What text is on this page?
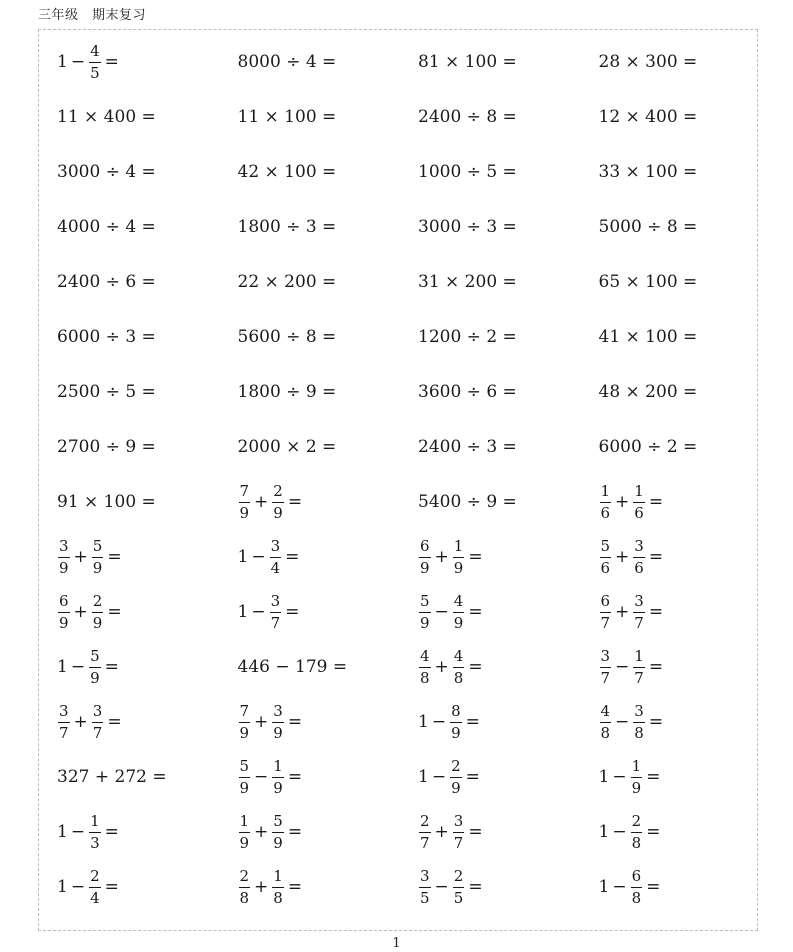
三年级　期末复习
$1 - \frac{4}{5}$ =	8000 ÷ 4 =	81 × 100 =	28 × 300 =
11 × 400 =	11 × 100 =	2400 ÷ 8 =	12 × 400 =
3000 ÷ 4 =	42 × 100 =	1000 ÷ 5 =	33 × 100 =
4000 ÷ 4 =	1800 ÷ 3 =	3000 ÷ 3 =	5000 ÷ 8 =
2400 ÷ 6 =	22 × 200 =	31 × 200 =	65 × 100 =
6000 ÷ 3 =	5600 ÷ 8 =	1200 ÷ 2 =	41 × 100 =
2500 ÷ 5 =	1800 ÷ 9 =	3600 ÷ 6 =	48 × 200 =
2700 ÷ 9 =	2000 × 2 =	2400 ÷ 3 =	6000 ÷ 2 =
91 × 100 =	$\frac{7}{9} + \frac{2}{9}$ =	5400 ÷ 9 =	$\frac{1}{6} + \frac{1}{6}$ =
$\frac{3}{9} + \frac{5}{9}$ =	$1 - \frac{3}{4}$ =	$\frac{6}{9} + \frac{1}{9}$ =	$\frac{5}{6} + \frac{3}{6}$ =
$\frac{6}{9} + \frac{2}{9}$ =	$1 - \frac{3}{7}$ =	$\frac{5}{9} - \frac{4}{9}$ =	$\frac{6}{7} + \frac{3}{7}$ =
$1 - \frac{5}{9}$ =	446 − 179 =	$\frac{4}{8} + \frac{4}{8}$ =	$\frac{3}{7} - \frac{1}{7}$ =
$\frac{3}{7} + \frac{3}{7}$ =	$\frac{7}{9} + \frac{3}{9}$ =	$1 - \frac{8}{9}$ =	$\frac{4}{8} - \frac{3}{8}$ =
327 + 272 =	$\frac{5}{9} - \frac{1}{9}$ =	$1 - \frac{2}{9}$ =	$1 - \frac{1}{9}$ =
$1 - \frac{1}{3}$ =	$\frac{1}{9} + \frac{5}{9}$ =	$\frac{2}{7} + \frac{3}{7}$ =	$1 - \frac{2}{8}$ =
$1 - \frac{2}{4}$ =	$\frac{2}{8} + \frac{1}{8}$ =	$\frac{3}{5} - \frac{2}{5}$ =	$1 - \frac{6}{8}$ =
1
